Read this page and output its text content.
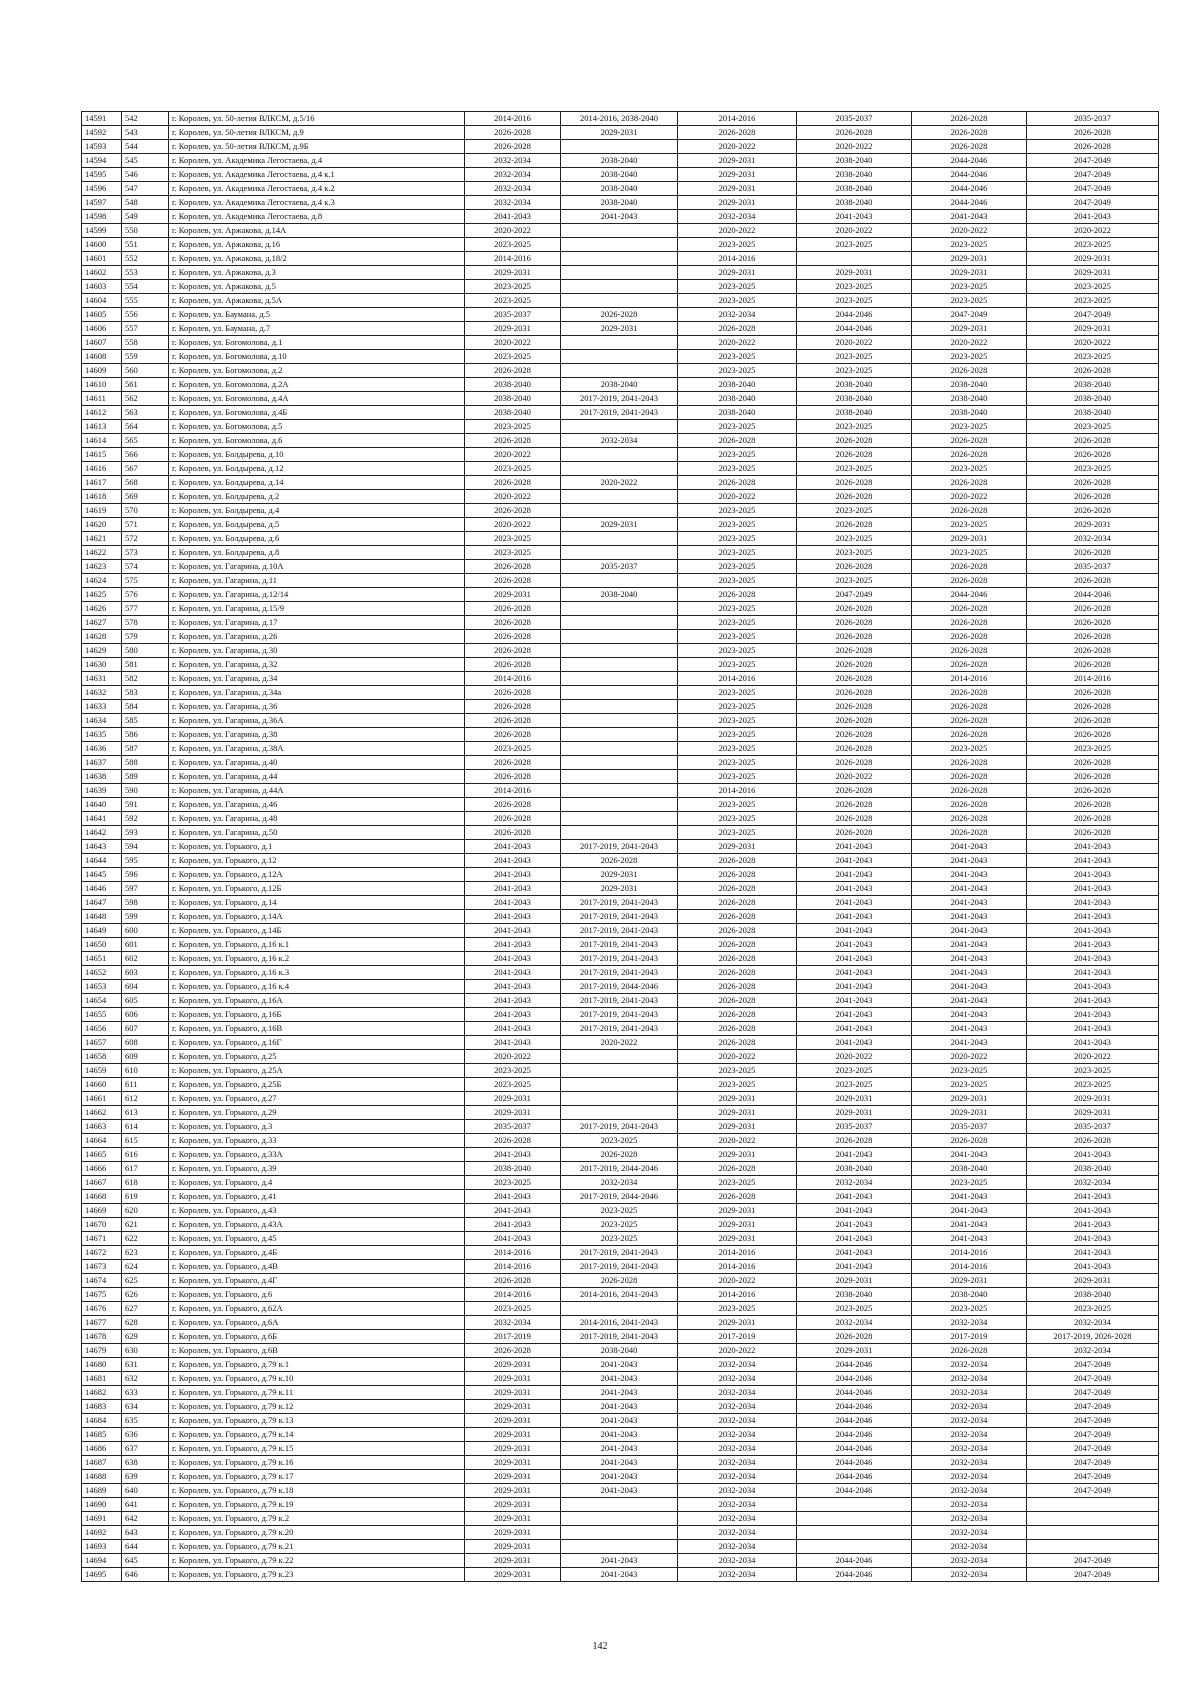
14591	542	г. Королев, ул. 50-летия ВЛКСМ, д.5/16	2014-2016	2014-2016, 2038-2040	2014-2016	2035-2037	2026-2028	2035-2037
14592	543	г. Королев, ул. 50-летия ВЛКСМ, д.9	2026-2028	2029-2031	2026-2028	2026-2028	2026-2028	2026-2028
14593	544	г. Королев, ул. 50-летия ВЛКСМ, д.9Б	2026-2028		2020-2022	2020-2022	2026-2028	2026-2028
14594	545	г. Королев, ул. Академика Легостаева, д.4	2032-2034	2038-2040	2029-2031	2038-2040	2044-2046	2047-2049
14595	546	г. Королев, ул. Академика Легостаева, д.4 к.1	2032-2034	2038-2040	2029-2031	2038-2040	2044-2046	2047-2049
14596	547	г. Королев, ул. Академика Легостаева, д.4 к.2	2032-2034	2038-2040	2029-2031	2038-2040	2044-2046	2047-2049
14597	548	г. Королев, ул. Академика Легостаева, д.4 к.3	2032-2034	2038-2040	2029-2031	2038-2040	2044-2046	2047-2049
14598	549	г. Королев, ул. Академика Легостаева, д.8	2041-2043	2041-2043	2032-2034	2041-2043	2041-2043	2041-2043
14599	550	г. Королев, ул. Аржакова, д.14А	2020-2022		2020-2022	2020-2022	2020-2022	2020-2022
14600	551	г. Королев, ул. Аржакова, д.16	2023-2025		2023-2025	2023-2025	2023-2025	2023-2025
14601	552	г. Королев, ул. Аржакова, д.18/2	2014-2016		2014-2016		2029-2031	2029-2031
14602	553	г. Королев, ул. Аржакова, д.3	2029-2031		2029-2031	2029-2031	2029-2031	2029-2031
14603	554	г. Королев, ул. Аржакова, д.5	2023-2025		2023-2025	2023-2025	2023-2025	2023-2025
14604	555	г. Королев, ул. Аржакова, д.5А	2023-2025		2023-2025	2023-2025	2023-2025	2023-2025
14605	556	г. Королев, ул. Баумана, д.5	2035-2037	2026-2028	2032-2034	2044-2046	2047-2049	2047-2049
14606	557	г. Королев, ул. Баумана, д.7	2029-2031	2029-2031	2026-2028	2044-2046	2029-2031	2029-2031
14607	558	г. Королев, ул. Богомолова, д.1	2020-2022		2020-2022	2020-2022	2020-2022	2020-2022
14608	559	г. Королев, ул. Богомолова, д.10	2023-2025		2023-2025	2023-2025	2023-2025	2023-2025
14609	560	г. Королев, ул. Богомолова, д.2	2026-2028		2023-2025	2023-2025	2026-2028	2026-2028
14610	561	г. Королев, ул. Богомолова, д.2А	2038-2040	2038-2040	2038-2040	2038-2040	2038-2040	2038-2040
14611	562	г. Королев, ул. Богомолова, д.4А	2038-2040	2017-2019, 2041-2043	2038-2040	2038-2040	2038-2040	2038-2040
14612	563	г. Королев, ул. Богомолова, д.4Б	2038-2040	2017-2019, 2041-2043	2038-2040	2038-2040	2038-2040	2038-2040
14613	564	г. Королев, ул. Богомолова, д.5	2023-2025		2023-2025	2023-2025	2023-2025	2023-2025
14614	565	г. Королев, ул. Богомолова, д.6	2026-2028	2032-2034	2026-2028	2026-2028	2026-2028	2026-2028
14615	566	г. Королев, ул. Болдырева, д.10	2020-2022		2023-2025	2026-2028	2026-2028	2026-2028
14616	567	г. Королев, ул. Болдырева, д.12	2023-2025		2023-2025	2023-2025	2023-2025	2023-2025
14617	568	г. Королев, ул. Болдырева, д.14	2026-2028	2020-2022	2026-2028	2026-2028	2026-2028	2026-2028
14618	569	г. Королев, ул. Болдырева, д.2	2020-2022		2020-2022	2026-2028	2020-2022	2026-2028
14619	570	г. Королев, ул. Болдырева, д.4	2026-2028		2023-2025	2023-2025	2026-2028	2026-2028
14620	571	г. Королев, ул. Болдырева, д.5	2020-2022	2029-2031	2023-2025	2026-2028	2023-2025	2029-2031
14621	572	г. Королев, ул. Болдырева, д.6	2023-2025		2023-2025	2023-2025	2029-2031	2032-2034
14622	573	г. Королев, ул. Болдырева, д.8	2023-2025		2023-2025	2023-2025	2023-2025	2026-2028
14623	574	г. Королев, ул. Гагарина, д.10А	2026-2028	2035-2037	2023-2025	2026-2028	2026-2028	2035-2037
14624	575	г. Королев, ул. Гагарина, д.11	2026-2028		2023-2025	2023-2025	2026-2028	2026-2028
14625	576	г. Королев, ул. Гагарина, д.12/14	2029-2031	2038-2040	2026-2028	2047-2049	2044-2046	2044-2046
14626	577	г. Королев, ул. Гагарина, д.15/9	2026-2028		2023-2025	2026-2028	2026-2028	2026-2028
14627	578	г. Королев, ул. Гагарина, д.17	2026-2028		2023-2025	2026-2028	2026-2028	2026-2028
14628	579	г. Королев, ул. Гагарина, д.26	2026-2028		2023-2025	2026-2028	2026-2028	2026-2028
14629	580	г. Королев, ул. Гагарина, д.30	2026-2028		2023-2025	2026-2028	2026-2028	2026-2028
14630	581	г. Королев, ул. Гагарина, д.32	2026-2028		2023-2025	2026-2028	2026-2028	2026-2028
14631	582	г. Королев, ул. Гагарина, д.34	2014-2016		2014-2016	2026-2028	2014-2016	2014-2016
14632	583	г. Королев, ул. Гагарина, д.34а	2026-2028		2023-2025	2026-2028	2026-2028	2026-2028
14633	584	г. Королев, ул. Гагарина, д.36	2026-2028		2023-2025	2026-2028	2026-2028	2026-2028
14634	585	г. Королев, ул. Гагарина, д.36А	2026-2028		2023-2025	2026-2028	2026-2028	2026-2028
14635	586	г. Королев, ул. Гагарина, д.38	2026-2028		2023-2025	2026-2028	2026-2028	2026-2028
14636	587	г. Королев, ул. Гагарина, д.38А	2023-2025		2023-2025	2026-2028	2023-2025	2023-2025
14637	588	г. Королев, ул. Гагарина, д.40	2026-2028		2023-2025	2026-2028	2026-2028	2026-2028
14638	589	г. Королев, ул. Гагарина, д.44	2026-2028		2023-2025	2020-2022	2026-2028	2026-2028
14639	590	г. Королев, ул. Гагарина, д.44А	2014-2016		2014-2016	2026-2028	2026-2028	2026-2028
14640	591	г. Королев, ул. Гагарина, д.46	2026-2028		2023-2025	2026-2028	2026-2028	2026-2028
14641	592	г. Королев, ул. Гагарина, д.48	2026-2028		2023-2025	2026-2028	2026-2028	2026-2028
14642	593	г. Королев, ул. Гагарина, д.50	2026-2028		2023-2025	2026-2028	2026-2028	2026-2028
14643	594	г. Королев, ул. Горького, д.1	2041-2043	2017-2019, 2041-2043	2029-2031	2041-2043	2041-2043	2041-2043
14644	595	г. Королев, ул. Горького, д.12	2041-2043	2026-2028	2026-2028	2041-2043	2041-2043	2041-2043
14645	596	г. Королев, ул. Горького, д.12А	2041-2043	2029-2031	2026-2028	2041-2043	2041-2043	2041-2043
14646	597	г. Королев, ул. Горького, д.12Б	2041-2043	2029-2031	2026-2028	2041-2043	2041-2043	2041-2043
14647	598	г. Королев, ул. Горького, д.14	2041-2043	2017-2019, 2041-2043	2026-2028	2041-2043	2041-2043	2041-2043
14648	599	г. Королев, ул. Горького, д.14А	2041-2043	2017-2019, 2041-2043	2026-2028	2041-2043	2041-2043	2041-2043
14649	600	г. Королев, ул. Горького, д.14Б	2041-2043	2017-2019, 2041-2043	2026-2028	2041-2043	2041-2043	2041-2043
14650	601	г. Королев, ул. Горького, д.16 к.1	2041-2043	2017-2019, 2041-2043	2026-2028	2041-2043	2041-2043	2041-2043
14651	602	г. Королев, ул. Горького, д.16 к.2	2041-2043	2017-2019, 2041-2043	2026-2028	2041-2043	2041-2043	2041-2043
14652	603	г. Королев, ул. Горького, д.16 к.3	2041-2043	2017-2019, 2041-2043	2026-2028	2041-2043	2041-2043	2041-2043
14653	604	г. Королев, ул. Горького, д.16 к.4	2041-2043	2017-2019, 2044-2046	2026-2028	2041-2043	2041-2043	2041-2043
14654	605	г. Королев, ул. Горького, д.16А	2041-2043	2017-2019, 2041-2043	2026-2028	2041-2043	2041-2043	2041-2043
14655	606	г. Королев, ул. Горького, д.16Б	2041-2043	2017-2019, 2041-2043	2026-2028	2041-2043	2041-2043	2041-2043
14656	607	г. Королев, ул. Горького, д.16В	2041-2043	2017-2019, 2041-2043	2026-2028	2041-2043	2041-2043	2041-2043
14657	608	г. Королев, ул. Горького, д.16Г	2041-2043	2020-2022	2026-2028	2041-2043	2041-2043	2041-2043
14658	609	г. Королев, ул. Горького, д.25	2020-2022		2020-2022	2020-2022	2020-2022	2020-2022
14659	610	г. Королев, ул. Горького, д.25А	2023-2025		2023-2025	2023-2025	2023-2025	2023-2025
14660	611	г. Королев, ул. Горького, д.25Б	2023-2025		2023-2025	2023-2025	2023-2025	2023-2025
14661	612	г. Королев, ул. Горького, д.27	2029-2031		2029-2031	2029-2031	2029-2031	2029-2031
14662	613	г. Королев, ул. Горького, д.29	2029-2031		2029-2031	2029-2031	2029-2031	2029-2031
14663	614	г. Королев, ул. Горького, д.3	2035-2037	2017-2019, 2041-2043	2029-2031	2035-2037	2035-2037	2035-2037
14664	615	г. Королев, ул. Горького, д.33	2026-2028	2023-2025	2020-2022	2026-2028	2026-2028	2026-2028
14665	616	г. Королев, ул. Горького, д.33А	2041-2043	2026-2028	2029-2031	2041-2043	2041-2043	2041-2043
14666	617	г. Королев, ул. Горького, д.39	2038-2040	2017-2019, 2044-2046	2026-2028	2038-2040	2038-2040	2038-2040
14667	618	г. Королев, ул. Горького, д.4	2023-2025	2032-2034	2023-2025	2032-2034	2023-2025	2032-2034
14668	619	г. Королев, ул. Горького, д.41	2041-2043	2017-2019, 2044-2046	2026-2028	2041-2043	2041-2043	2041-2043
14669	620	г. Королев, ул. Горького, д.43	2041-2043	2023-2025	2029-2031	2041-2043	2041-2043	2041-2043
14670	621	г. Королев, ул. Горького, д.43А	2041-2043	2023-2025	2029-2031	2041-2043	2041-2043	2041-2043
14671	622	г. Королев, ул. Горького, д.45	2041-2043	2023-2025	2029-2031	2041-2043	2041-2043	2041-2043
14672	623	г. Королев, ул. Горького, д.4Б	2014-2016	2017-2019, 2041-2043	2014-2016	2041-2043	2014-2016	2041-2043
14673	624	г. Королев, ул. Горького, д.4В	2014-2016	2017-2019, 2041-2043	2014-2016	2041-2043	2014-2016	2041-2043
14674	625	г. Королев, ул. Горького, д.4Г	2026-2028	2026-2028	2020-2022	2029-2031	2029-2031	2029-2031
14675	626	г. Королев, ул. Горького, д.6	2014-2016	2014-2016, 2041-2043	2014-2016	2038-2040	2038-2040	2038-2040
14676	627	г. Королев, ул. Горького, д.62А	2023-2025		2023-2025	2023-2025	2023-2025	2023-2025
14677	628	г. Королев, ул. Горького, д.6А	2032-2034	2014-2016, 2041-2043	2029-2031	2032-2034	2032-2034	2032-2034
14678	629	г. Королев, ул. Горького, д.6Б	2017-2019	2017-2019, 2041-2043	2017-2019	2026-2028	2017-2019	2017-2019, 2026-2028
14679	630	г. Королев, ул. Горького, д.6В	2026-2028	2038-2040	2020-2022	2029-2031	2026-2028	2032-2034
14680	631	г. Королев, ул. Горького, д.79 к.1	2029-2031	2041-2043	2032-2034	2044-2046	2032-2034	2047-2049
14681	632	г. Королев, ул. Горького, д.79 к.10	2029-2031	2041-2043	2032-2034	2044-2046	2032-2034	2047-2049
14682	633	г. Королев, ул. Горького, д.79 к.11	2029-2031	2041-2043	2032-2034	2044-2046	2032-2034	2047-2049
14683	634	г. Королев, ул. Горького, д.79 к.12	2029-2031	2041-2043	2032-2034	2044-2046	2032-2034	2047-2049
14684	635	г. Королев, ул. Горького, д.79 к.13	2029-2031	2041-2043	2032-2034	2044-2046	2032-2034	2047-2049
14685	636	г. Королев, ул. Горького, д.79 к.14	2029-2031	2041-2043	2032-2034	2044-2046	2032-2034	2047-2049
14686	637	г. Королев, ул. Горького, д.79 к.15	2029-2031	2041-2043	2032-2034	2044-2046	2032-2034	2047-2049
14687	638	г. Королев, ул. Горького, д.79 к.16	2029-2031	2041-2043	2032-2034	2044-2046	2032-2034	2047-2049
14688	639	г. Королев, ул. Горького, д.79 к.17	2029-2031	2041-2043	2032-2034	2044-2046	2032-2034	2047-2049
14689	640	г. Королев, ул. Горького, д.79 к.18	2029-2031	2041-2043	2032-2034	2044-2046	2032-2034	2047-2049
14690	641	г. Королев, ул. Горького, д.79 к.19	2029-2031		2032-2034		2032-2034	
14691	642	г. Королев, ул. Горького, д.79 к.2	2029-2031		2032-2034		2032-2034	
14692	643	г. Королев, ул. Горького, д.79 к.20	2029-2031		2032-2034		2032-2034	
14693	644	г. Королев, ул. Горького, д.79 к.21	2029-2031		2032-2034		2032-2034	
14694	645	г. Королев, ул. Горького, д.79 к.22	2029-2031	2041-2043	2032-2034	2044-2046	2032-2034	2047-2049
14695	646	г. Королев, ул. Горького, д.79 к.23	2029-2031	2041-2043	2032-2034	2044-2046	2032-2034	2047-2049
142
